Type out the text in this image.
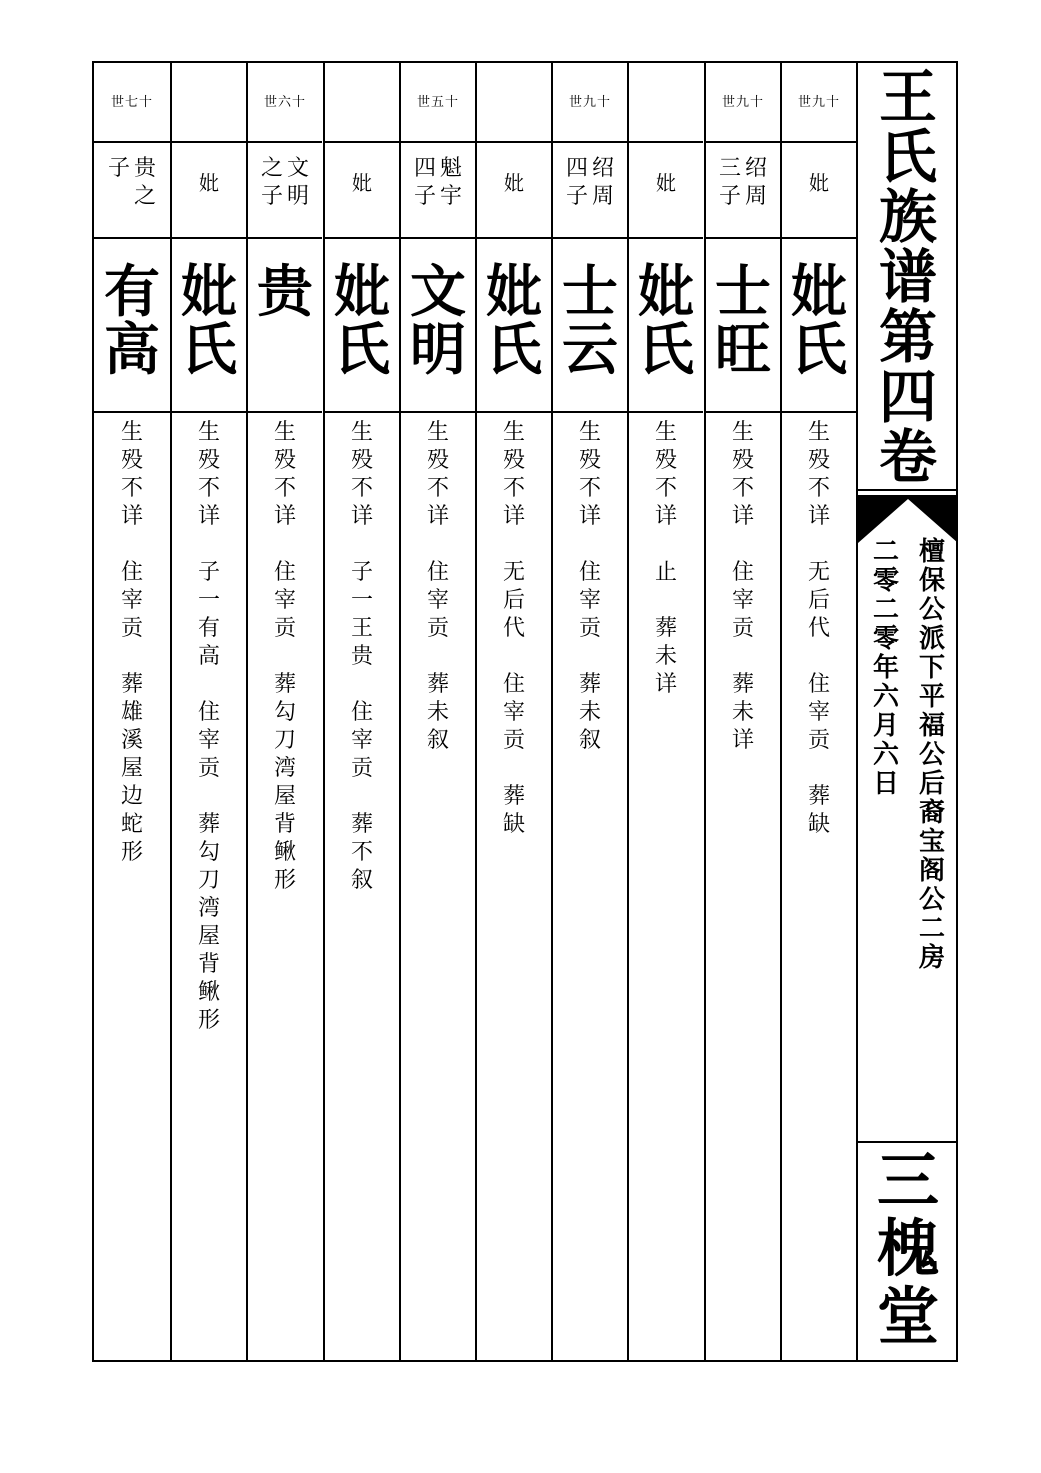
王
氏
族
谱
第
四
卷
檀
保
公
派
下
平
福
公
后
裔
宝
阁
公
二
房
二
零
二
零
年
六
月
六
日
三
槐
堂
世九十
妣
妣
氏
生
殁
不
详
无
后
代
住
宰
贡
葬
缺
世九十
绍
周
三
子
士
旺
生
殁
不
详
住
宰
贡
葬
未
详
妣
妣
氏
生
殁
不
详
止
葬
未
详
世九十
绍
周
四
子
士
云
生
殁
不
详
住
宰
贡
葬
未
叙
妣
妣
氏
生
殁
不
详
无
后
代
住
宰
贡
葬
缺
世五十
魁
宇
四
子
文
明
生
殁
不
详
住
宰
贡
葬
未
叙
妣
妣
氏
生
殁
不
详
子
一
王
贵
住
宰
贡
葬
不
叙
世六十
文
明
之
子
贵
生
殁
不
详
住
宰
贡
葬
勾
刀
湾
屋
背
鳅
形
妣
妣
氏
生
殁
不
详
子
一
有
高
住
宰
贡
葬
勾
刀
湾
屋
背
鳅
形
世七十
贵
之
子
有
高
生
殁
不
详
住
宰
贡
葬
雄
溪
屋
边
蛇
形
